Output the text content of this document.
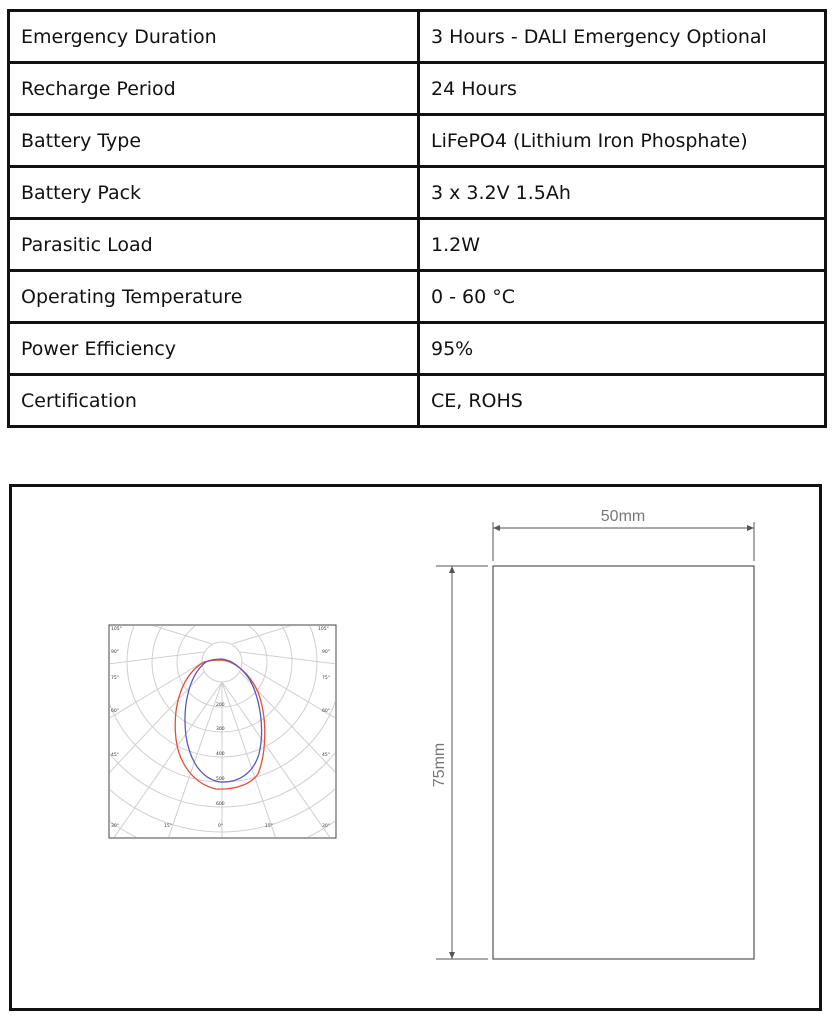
Emergency Duration	3 Hours - DALI Emergency Optional
Recharge Period	24 Hours
Battery Type	LiFePO4 (Lithium Iron Phosphate)
Battery Pack	3 x 3.2V 1.5Ah
Parasitic Load	1.2W
Operating Temperature	0 - 60 °C
Power Efficiency	95%
Certification	CE, ROHS
105°	105°
90°	90°
75°	75°
60°	60°
45°	45°
30°	30°
15°	15°
0°
200
300
400
500
600
50mm
75mm
